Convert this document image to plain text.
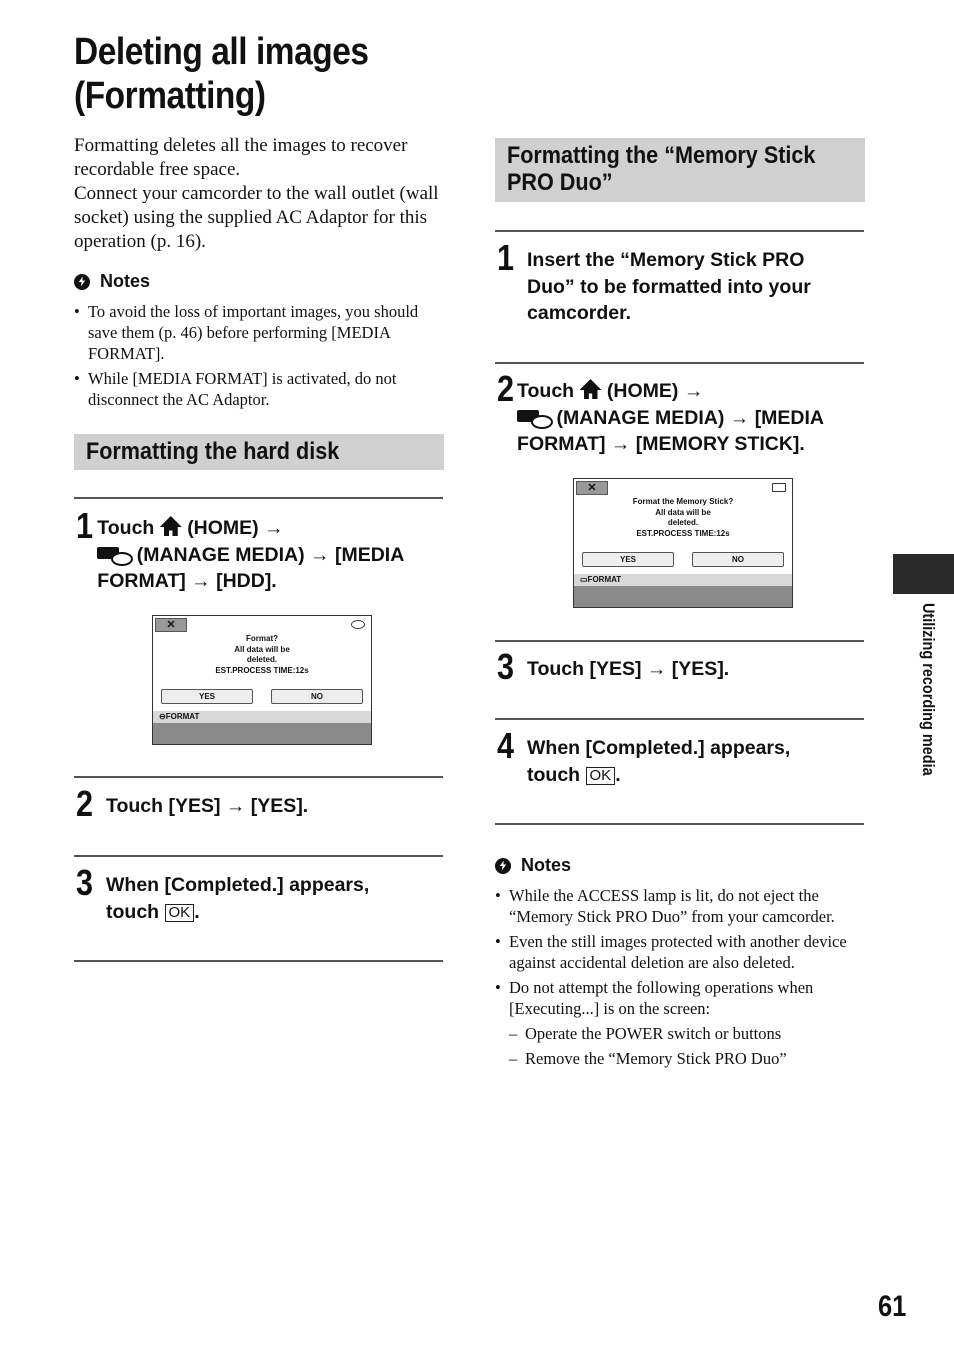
Deleting all images (Formatting)

Formatting deletes all the images to recover recordable free space.

Connect your camcorder to the wall outlet (wall socket) using the supplied AC Adaptor for this operation (p. 16).

Notes
• To avoid the loss of important images, you should save them (p. 46) before performing [MEDIA FORMAT].
• While [MEDIA FORMAT] is activated, do not disconnect the AC Adaptor.
Formatting the hard disk
1 Touch (HOME) →
(MANAGE MEDIA) → [MEDIA FORMAT] → [HDD].
✕
Format?
All data will be
deleted.
EST.PROCESS TIME:12s
YES	NO
⊖FORMAT
2 Touch [YES] → [YES].
3 When [Completed.] appears, touch OK .
Formatting the “Memory Stick PRO Duo”
1 Insert the “Memory Stick PRO Duo” to be formatted into your camcorder.
2 Touch (HOME) →
(MANAGE MEDIA) → [MEDIA FORMAT] → [MEMORY STICK].
✕
Format the Memory Stick?
All data will be
deleted.
EST.PROCESS TIME:12s
YES	NO
▭FORMAT
3 Touch [YES] → [YES].
4 When [Completed.] appears, touch OK .
Notes
• While the ACCESS lamp is lit, do not eject the “Memory Stick PRO Duo” from your camcorder.
• Even the still images protected with another device against accidental deletion are also deleted.
• Do not attempt the following operations when [Executing...] is on the screen:
– Operate the POWER switch or buttons
– Remove the “Memory Stick PRO Duo”
Utilizing recording media
61
